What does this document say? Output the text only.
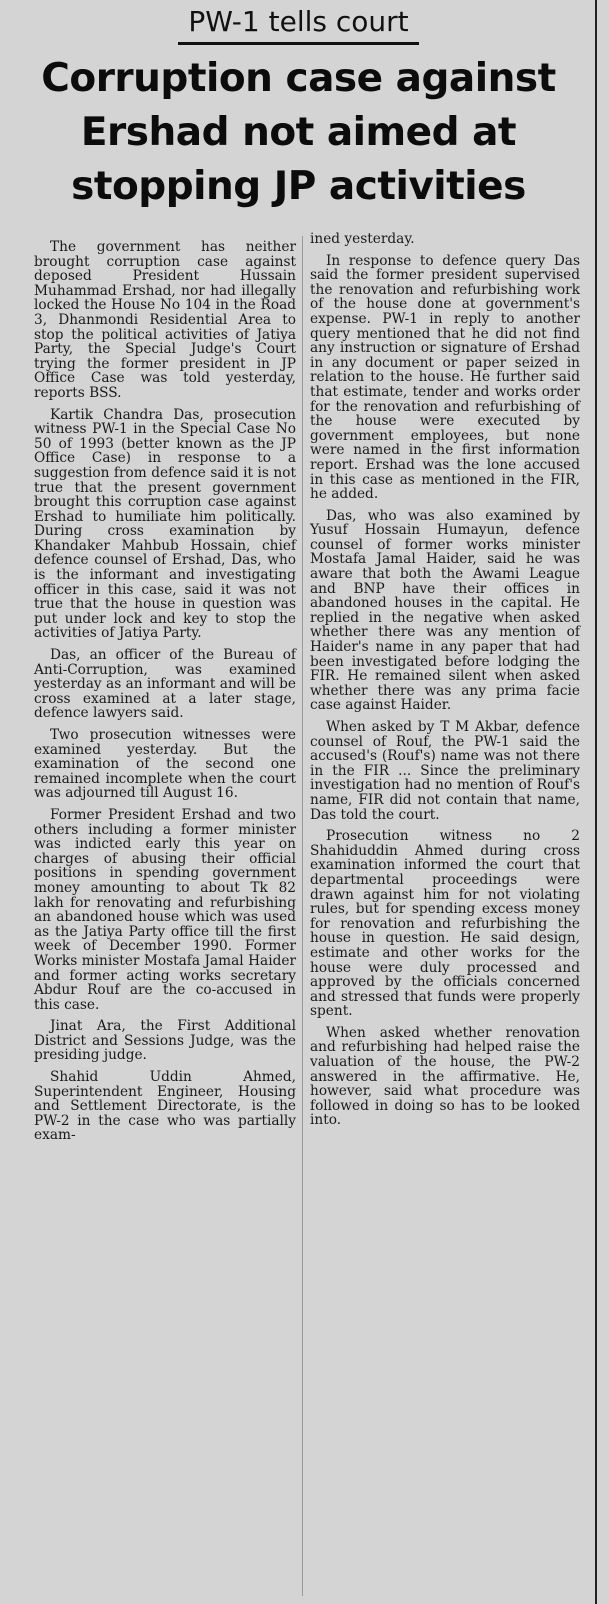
PW-1 tells court
Corruption case against Ershad not aimed at stopping JP activities

The government has neither brought corruption case against deposed President Hussain Muhammad Ershad, nor had illegally locked the House No 104 in the Road 3, Dhanmondi Residential Area to stop the political activities of Jatiya Party, the Special Judge's Court trying the former president in JP Office Case was told yesterday, reports BSS.

Kartik Chandra Das, prosecution witness PW-1 in the Special Case No 50 of 1993 (better known as the JP Office Case) in response to a suggestion from defence said it is not true that the present government brought this corruption case against Ershad to humiliate him politically. During cross examination by Khandaker Mahbub Hossain, chief defence counsel of Ershad, Das, who is the informant and investigating officer in this case, said it was not true that the house in question was put under lock and key to stop the activities of Jatiya Party.

Das, an officer of the Bureau of Anti-Corruption, was examined yesterday as an informant and will be cross examined at a later stage, defence lawyers said.

Two prosecution witnesses were examined yesterday. But the examination of the second one remained incomplete when the court was adjourned till August 16.

Former President Ershad and two others including a former minister was indicted early this year on charges of abusing their official positions in spending government money amounting to about Tk 82 lakh for renovating and refurbishing an abandoned house which was used as the Jatiya Party office till the first week of December 1990. Former Works minister Mostafa Jamal Haider and former acting works secretary Abdur Rouf are the co-accused in this case.

Jinat Ara, the First Additional District and Sessions Judge, was the presiding judge.

Shahid Uddin Ahmed, Superintendent Engineer, Housing and Settlement Directorate, is the PW-2 in the case who was partially exam-

ined yesterday.

In response to defence query Das said the former president supervised the renovation and refurbishing work of the house done at government's expense. PW-1 in reply to another query mentioned that he did not find any instruction or signature of Ershad in any document or paper seized in relation to the house. He further said that estimate, tender and works order for the renovation and refurbishing of the house were executed by government employees, but none were named in the first information report. Ershad was the lone accused in this case as mentioned in the FIR, he added.

Das, who was also examined by Yusuf Hossain Humayun, defence counsel of former works minister Mostafa Jamal Haider, said he was aware that both the Awami League and BNP have their offices in abandoned houses in the capital. He replied in the negative when asked whether there was any mention of Haider's name in any paper that had been investigated before lodging the FIR. He remained silent when asked whether there was any prima facie case against Haider.

When asked by T M Akbar, defence counsel of Rouf, the PW-1 said the accused's (Rouf's) name was not there in the FIR ... Since the preliminary investigation had no mention of Rouf's name, FIR did not contain that name, Das told the court.

Prosecution witness no 2 Shahiduddin Ahmed during cross examination informed the court that departmental proceedings were drawn against him for not violating rules, but for spending excess money for renovation and refurbishing the house in question. He said design, estimate and other works for the house were duly processed and approved by the officials concerned and stressed that funds were properly spent.

When asked whether renovation and refurbishing had helped raise the valuation of the house, the PW-2 answered in the affirmative. He, however, said what procedure was followed in doing so has to be looked into.
